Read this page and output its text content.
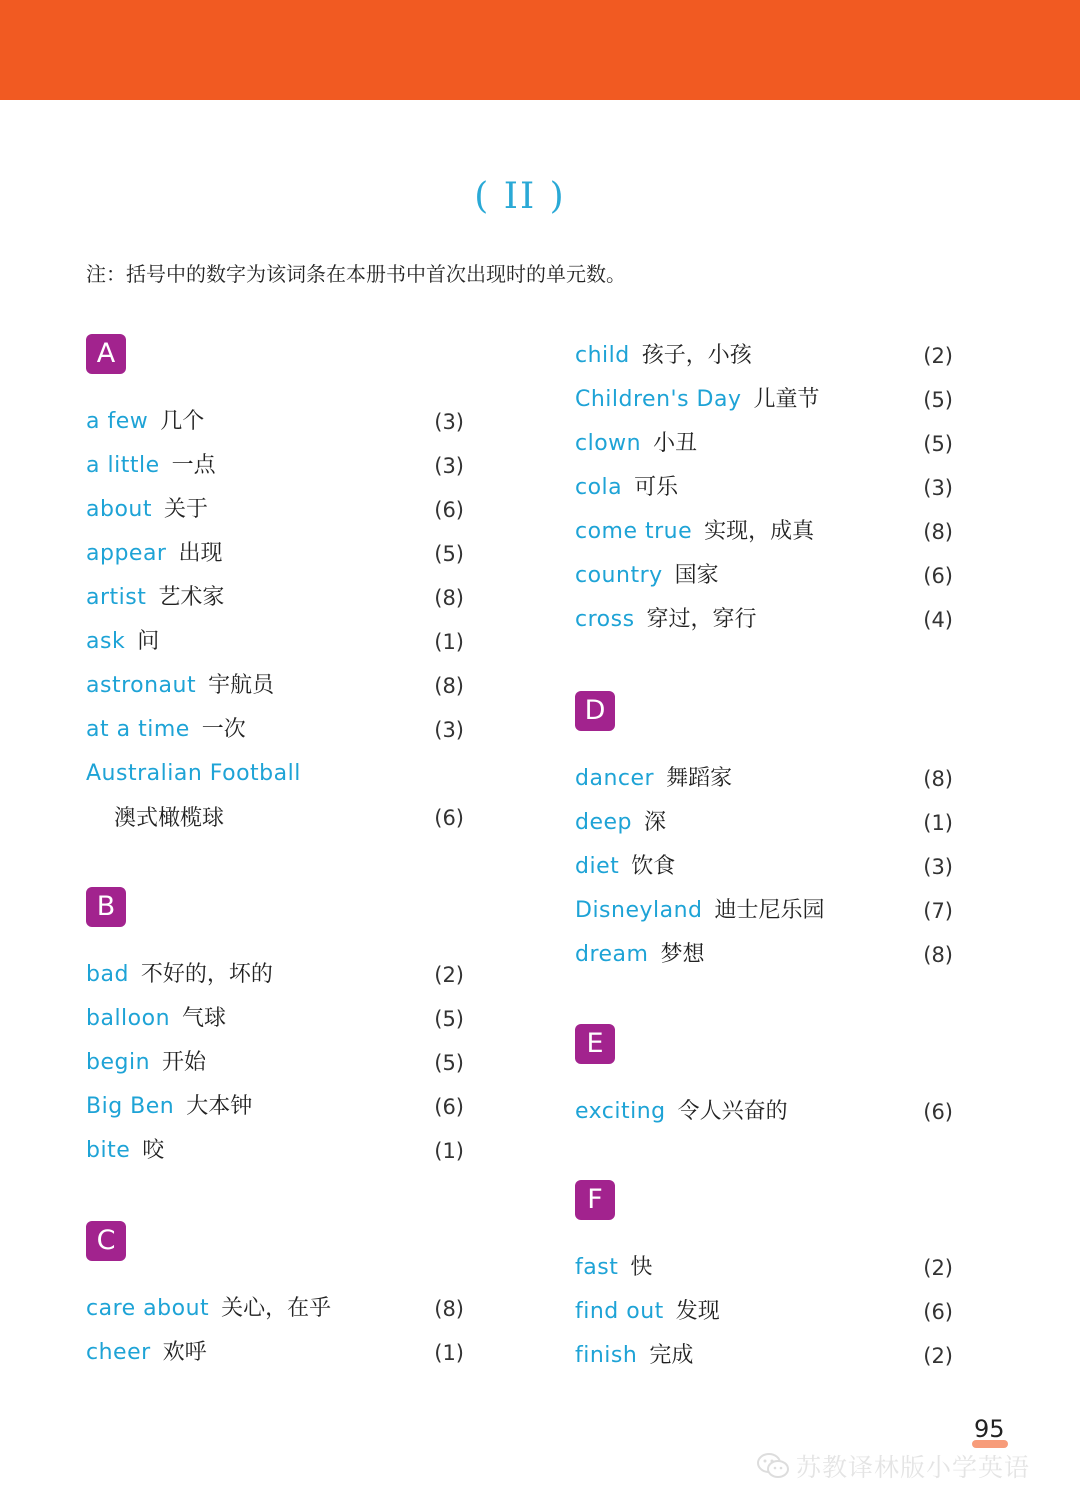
( II )
注：括号中的数字为该词条在本册书中首次出现时的单元数。
A
a few 几个	(3)
a little 一点	(3)
about 关于	(6)
appear 出现	(5)
artist 艺术家	(8)
ask 问	(1)
astronaut 宇航员	(8)
at a time 一次	(3)
Australian Football
澳式橄榄球	(6)
B
bad 不好的，坏的	(2)
balloon 气球	(5)
begin 开始	(5)
Big Ben 大本钟	(6)
bite 咬	(1)
C
care about 关心，在乎	(8)
cheer 欢呼	(1)
child 孩子，小孩	(2)
Children's Day 儿童节	(5)
clown 小丑	(5)
cola 可乐	(3)
come true 实现，成真	(8)
country 国家	(6)
cross 穿过，穿行	(4)
D
dancer 舞蹈家	(8)
deep 深	(1)
diet 饮食	(3)
Disneyland 迪士尼乐园	(7)
dream 梦想	(8)
E
exciting 令人兴奋的	(6)
F
fast 快	(2)
find out 发现	(6)
finish 完成	(2)
95
苏教译林版小学英语
